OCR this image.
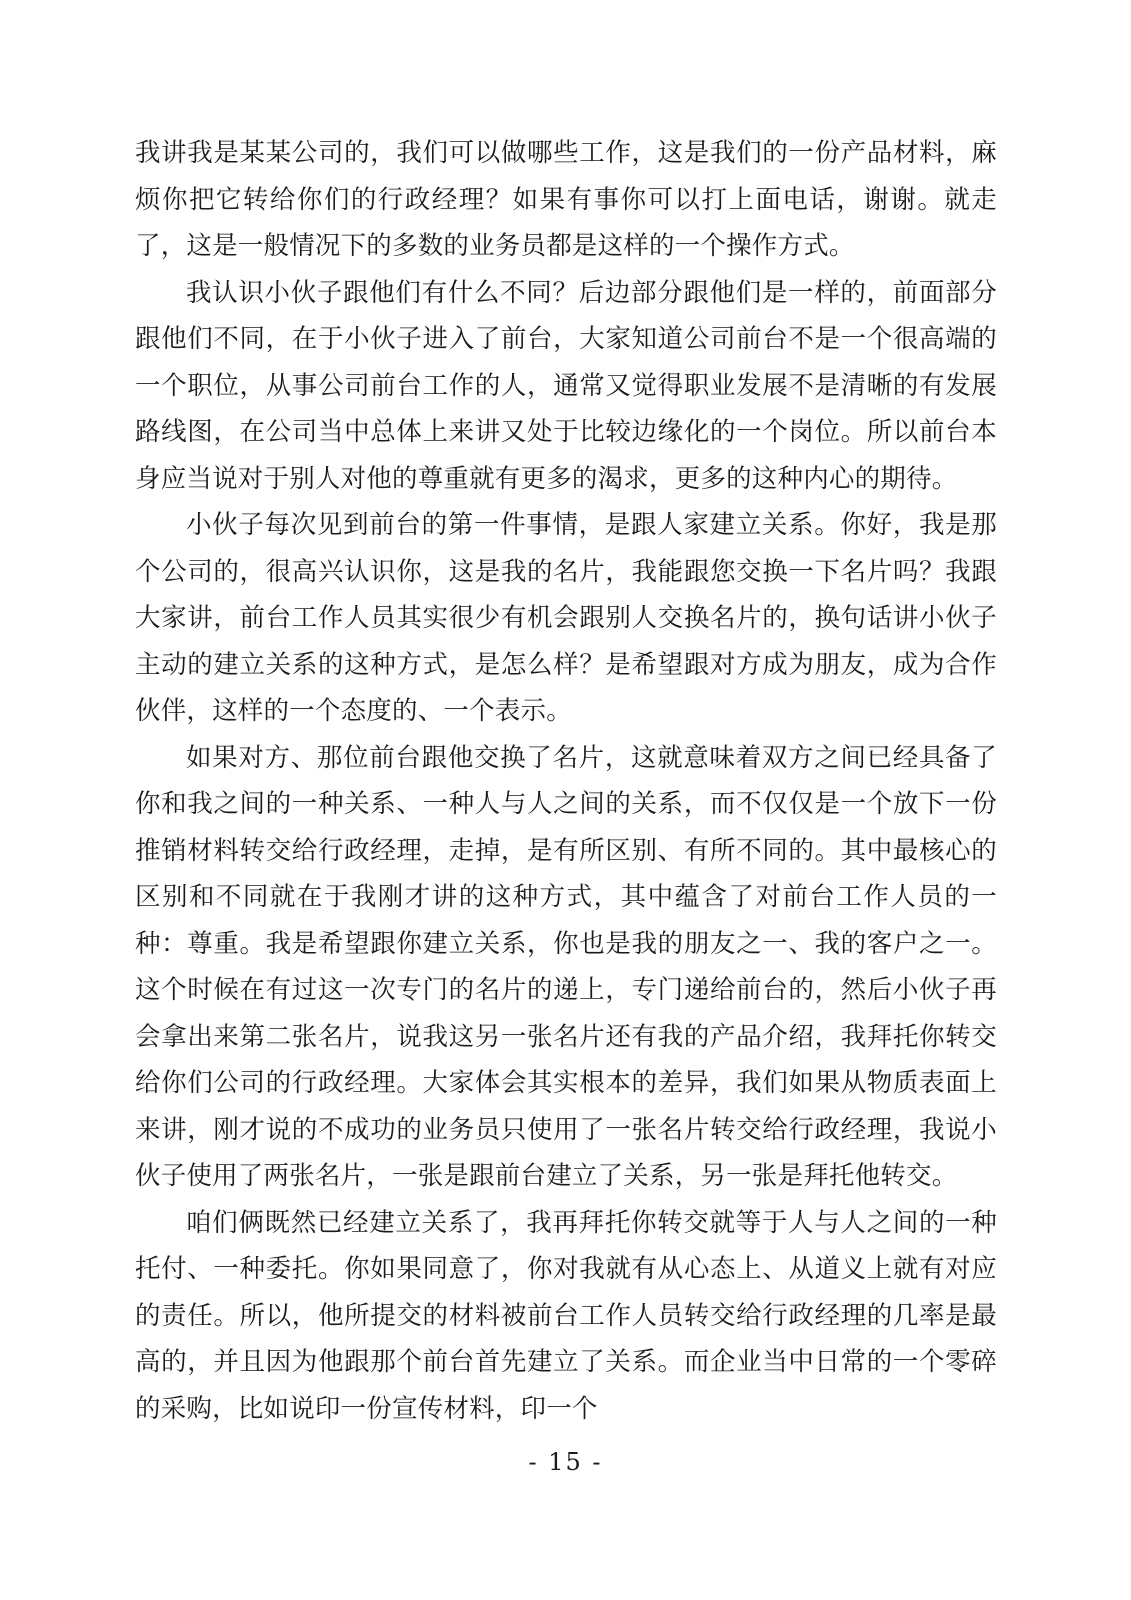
我讲我是某某公司的，我们可以做哪些工作，这是我们的一份产品材料，麻烦你把它转给你们的行政经理？如果有事你可以打上面电话，谢谢。就走了，这是一般情况下的多数的业务员都是这样的一个操作方式。

我认识小伙子跟他们有什么不同？后边部分跟他们是一样的，前面部分跟他们不同，在于小伙子进入了前台，大家知道公司前台不是一个很高端的一个职位，从事公司前台工作的人，通常又觉得职业发展不是清晰的有发展路线图，在公司当中总体上来讲又处于比较边缘化的一个岗位。所以前台本身应当说对于别人对他的尊重就有更多的渴求，更多的这种内心的期待。

小伙子每次见到前台的第一件事情，是跟人家建立关系。你好，我是那个公司的，很高兴认识你，这是我的名片，我能跟您交换一下名片吗？我跟大家讲，前台工作人员其实很少有机会跟别人交换名片的，换句话讲小伙子主动的建立关系的这种方式，是怎么样？是希望跟对方成为朋友，成为合作伙伴，这样的一个态度的、一个表示。

如果对方、那位前台跟他交换了名片，这就意味着双方之间已经具备了你和我之间的一种关系、一种人与人之间的关系，而不仅仅是一个放下一份推销材料转交给行政经理，走掉，是有所区别、有所不同的。其中最核心的区别和不同就在于我刚才讲的这种方式，其中蕴含了对前台工作人员的一种：尊重。我是希望跟你建立关系，你也是我的朋友之一、我的客户之一。这个时候在有过这一次专门的名片的递上，专门递给前台的，然后小伙子再会拿出来第二张名片，说我这另一张名片还有我的产品介绍，我拜托你转交给你们公司的行政经理。大家体会其实根本的差异，我们如果从物质表面上来讲，刚才说的不成功的业务员只使用了一张名片转交给行政经理，我说小伙子使用了两张名片，一张是跟前台建立了关系，另一张是拜托他转交。

咱们俩既然已经建立关系了，我再拜托你转交就等于人与人之间的一种托付、一种委托。你如果同意了，你对我就有从心态上、从道义上就有对应的责任。所以，他所提交的材料被前台工作人员转交给行政经理的几率是最高的，并且因为他跟那个前台首先建立了关系。而企业当中日常的一个零碎的采购，比如说印一份宣传材料，印一个

- 15 -
